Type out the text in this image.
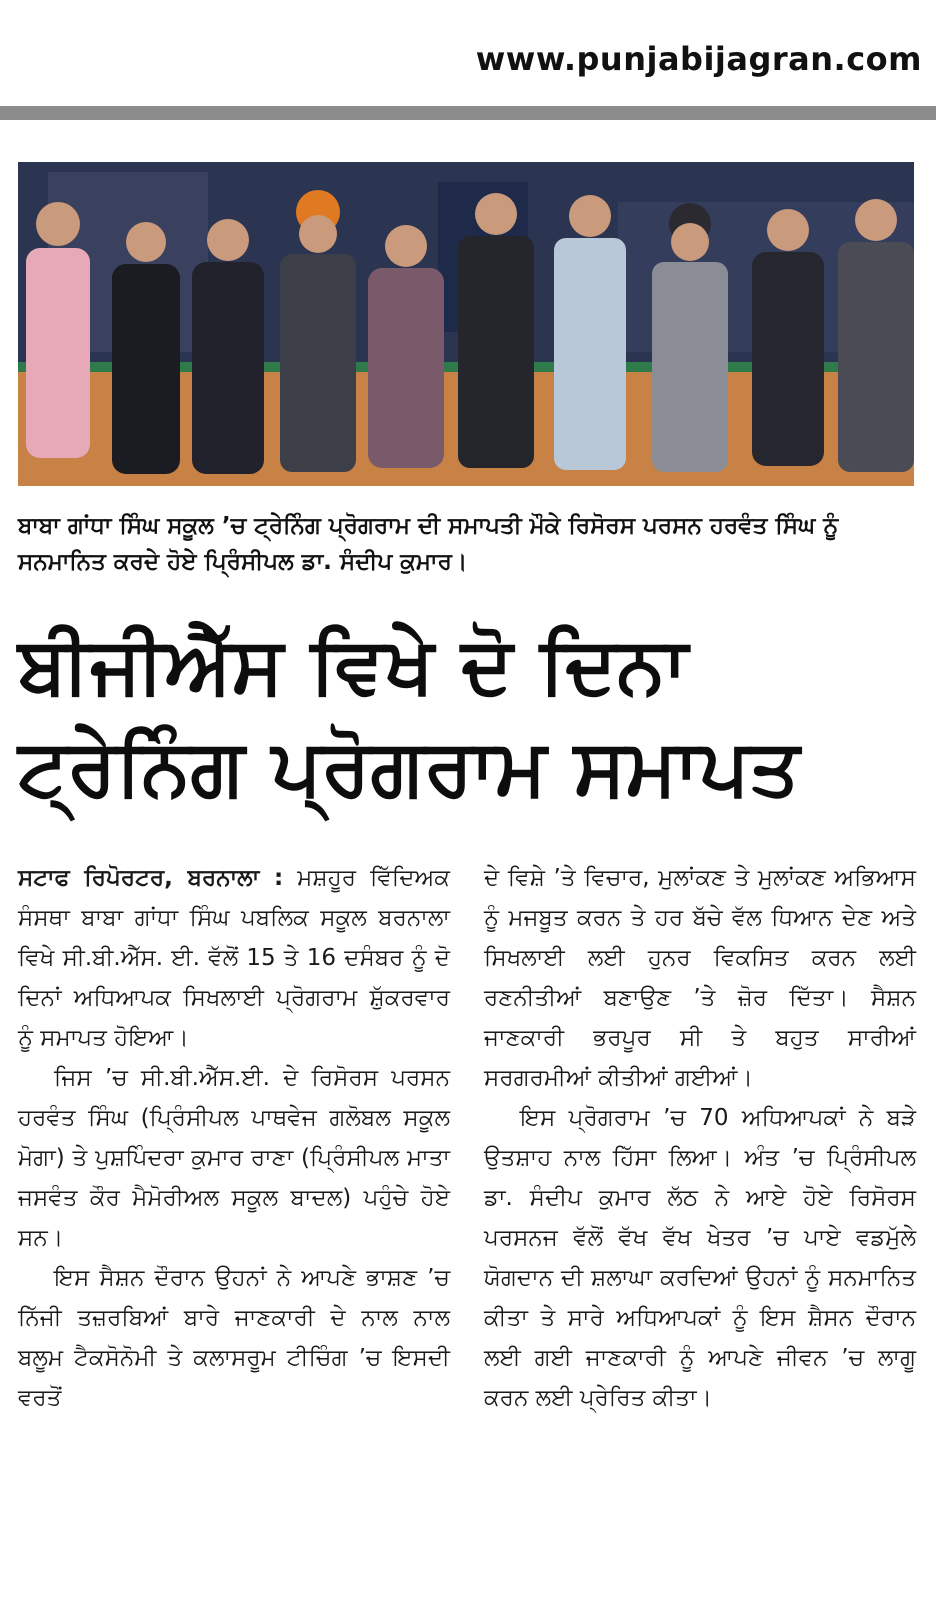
www.punjabijagran.com
ਬਾਬਾ ਗਾਂਧਾ ਸਿੰਘ ਸਕੂਲ ’ਚ ਟ੍ਰੇਨਿੰਗ ਪ੍ਰੋਗਰਾਮ ਦੀ ਸਮਾਪਤੀ ਮੌਕੇ ਰਿਸੋਰਸ ਪਰਸਨ ਹਰਵੰਤ ਸਿੰਘ ਨੂੰ ਸਨਮਾਨਿਤ ਕਰਦੇ ਹੋਏ ਪ੍ਰਿੰਸੀਪਲ ਡਾ. ਸੰਦੀਪ ਕੁਮਾਰ।
ਬੀਜੀਐੱਸ ਵਿਖੇ ਦੋ ਦਿਨਾ
ਟ੍ਰੇਨਿੰਗ ਪ੍ਰੋਗਰਾਮ ਸਮਾਪਤ

ਸਟਾਫ ਰਿਪੋਰਟਰ, ਬਰਨਾਲਾ : ਮਸ਼ਹੂਰ ਵਿੱਦਿਅਕ ਸੰਸਥਾ ਬਾਬਾ ਗਾਂਧਾ ਸਿੰਘ ਪਬਲਿਕ ਸਕੂਲ ਬਰਨਾਲਾ ਵਿਖੇ ਸੀ.ਬੀ.ਐੱਸ. ਈ. ਵੱਲੋਂ 15 ਤੇ 16 ਦਸੰਬਰ ਨੂੰ ਦੋ ਦਿਨਾਂ ਅਧਿਆਪਕ ਸਿਖਲਾਈ ਪ੍ਰੋਗਰਾਮ ਸ਼ੁੱਕਰਵਾਰ ਨੂੰ ਸਮਾਪਤ ਹੋਇਆ।

ਜਿਸ ’ਚ ਸੀ.ਬੀ.ਐੱਸ.ਈ. ਦੇ ਰਿਸੋਰਸ ਪਰਸਨ ਹਰਵੰਤ ਸਿੰਘ (ਪ੍ਰਿੰਸੀਪਲ ਪਾਥਵੇਜ ਗਲੋਬਲ ਸਕੂਲ ਮੋਗਾ) ਤੇ ਪੁਸ਼ਪਿੰਦਰਾ ਕੁਮਾਰ ਰਾਣਾ (ਪ੍ਰਿੰਸੀਪਲ ਮਾਤਾ ਜਸਵੰਤ ਕੌਰ ਮੈਮੋਰੀਅਲ ਸਕੂਲ ਬਾਦਲ) ਪਹੁੰਚੇ ਹੋਏ ਸਨ।

ਇਸ ਸੈਸ਼ਨ ਦੌਰਾਨ ਉਹਨਾਂ ਨੇ ਆਪਣੇ ਭਾਸ਼ਣ ’ਚ ਨਿੱਜੀ ਤਜ਼ਰਬਿਆਂ ਬਾਰੇ ਜਾਣਕਾਰੀ ਦੇ ਨਾਲ ਨਾਲ ਬਲੂਮ ਟੈਕਸੋਨੋਮੀ ਤੇ ਕਲਾਸਰੂਮ ਟੀਚਿੰਗ ’ਚ ਇਸਦੀ ਵਰਤੋਂ

ਦੇ ਵਿਸ਼ੇ ’ਤੇ ਵਿਚਾਰ, ਮੁਲਾਂਕਣ ਤੇ ਮੁਲਾਂਕਣ ਅਭਿਆਸ ਨੂੰ ਮਜਬੂਤ ਕਰਨ ਤੇ ਹਰ ਬੱਚੇ ਵੱਲ ਧਿਆਨ ਦੇਣ ਅਤੇ ਸਿਖਲਾਈ ਲਈ ਹੁਨਰ ਵਿਕਸਿਤ ਕਰਨ ਲਈ ਰਣਨੀਤੀਆਂ ਬਣਾਉਣ ’ਤੇ ਜ਼ੋਰ ਦਿੱਤਾ। ਸੈਸ਼ਨ ਜਾਣਕਾਰੀ ਭਰਪੂਰ ਸੀ ਤੇ ਬਹੁਤ ਸਾਰੀਆਂ ਸਰਗਰਮੀਆਂ ਕੀਤੀਆਂ ਗਈਆਂ।

ਇਸ ਪ੍ਰੋਗਰਾਮ ’ਚ 70 ਅਧਿਆਪਕਾਂ ਨੇ ਬੜੇ ਉਤਸ਼ਾਹ ਨਾਲ ਹਿੱਸਾ ਲਿਆ। ਅੰਤ ’ਚ ਪ੍ਰਿੰਸੀਪਲ ਡਾ. ਸੰਦੀਪ ਕੁਮਾਰ ਲੱਠ ਨੇ ਆਏ ਹੋਏ ਰਿਸੋਰਸ ਪਰਸਨਜ ਵੱਲੋਂ ਵੱਖ ਵੱਖ ਖੇਤਰ ’ਚ ਪਾਏ ਵਡਮੁੱਲੇ ਯੋਗਦਾਨ ਦੀ ਸ਼ਲਾਘਾ ਕਰਦਿਆਂ ਉਹਨਾਂ ਨੂੰ ਸਨਮਾਨਿਤ ਕੀਤਾ ਤੇ ਸਾਰੇ ਅਧਿਆਪਕਾਂ ਨੂੰ ਇਸ ਸ਼ੈਸਨ ਦੌਰਾਨ ਲਈ ਗਈ ਜਾਣਕਾਰੀ ਨੂੰ ਆਪਣੇ ਜੀਵਨ ’ਚ ਲਾਗੂ ਕਰਨ ਲਈ ਪ੍ਰੇਰਿਤ ਕੀਤਾ।
